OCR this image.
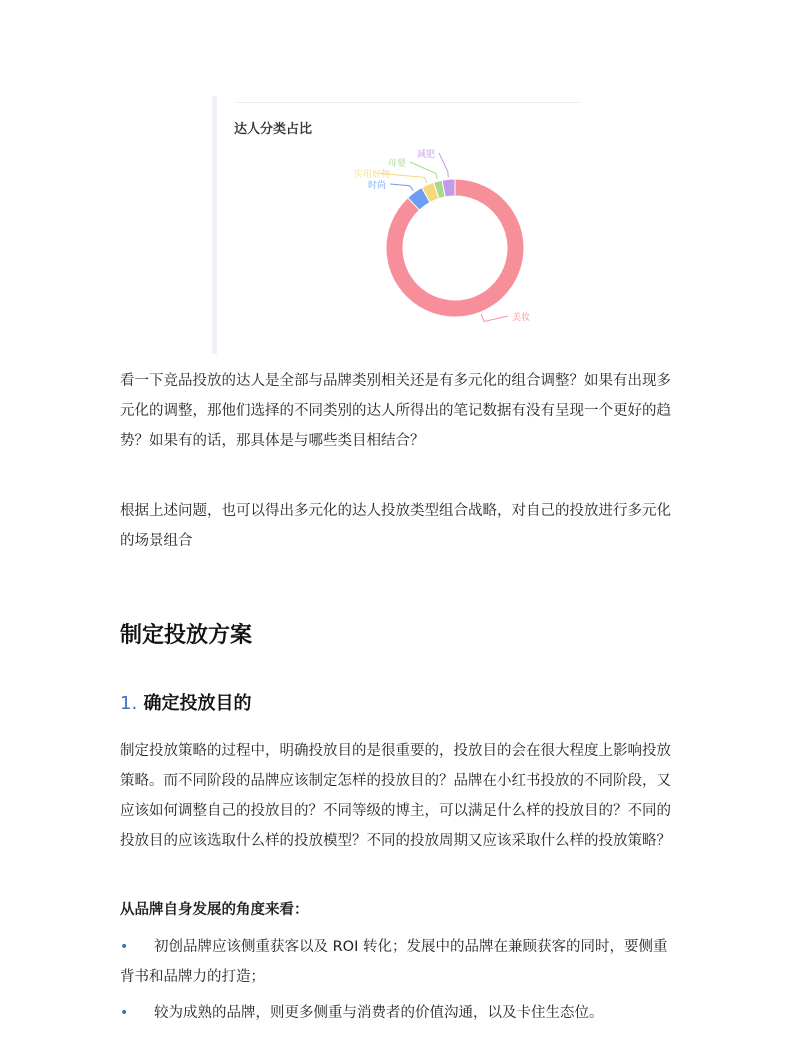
达人分类占比
美妆
时尚
实用好物
母婴
减肥

看一下竞品投放的达人是全部与品牌类别相关还是有多元化的组合调整？如果有出现多元化的调整，那他们选择的不同类别的达人所得出的笔记数据有没有呈现一个更好的趋势？如果有的话，那具体是与哪些类目相结合？

根据上述问题，也可以得出多元化的达人投放类型组合战略，对自己的投放进行多元化的场景组合

制定投放方案
1. 确定投放目的

制定投放策略的过程中，明确投放目的是很重要的，投放目的会在很大程度上影响投放策略。而不同阶段的品牌应该制定怎样的投放目的？品牌在小红书投放的不同阶段，又应该如何调整自己的投放目的？不同等级的博主，可以满足什么样的投放目的？不同的投放目的应该选取什么样的投放模型？不同的投放周期又应该采取什么样的投放策略？

从品牌自身发展的角度来看：

• 初创品牌应该侧重获客以及 ROI 转化；发展中的品牌在兼顾获客的同时，要侧重背书和品牌力的打造；

• 较为成熟的品牌，则更多侧重与消费者的价值沟通，以及卡住生态位。
